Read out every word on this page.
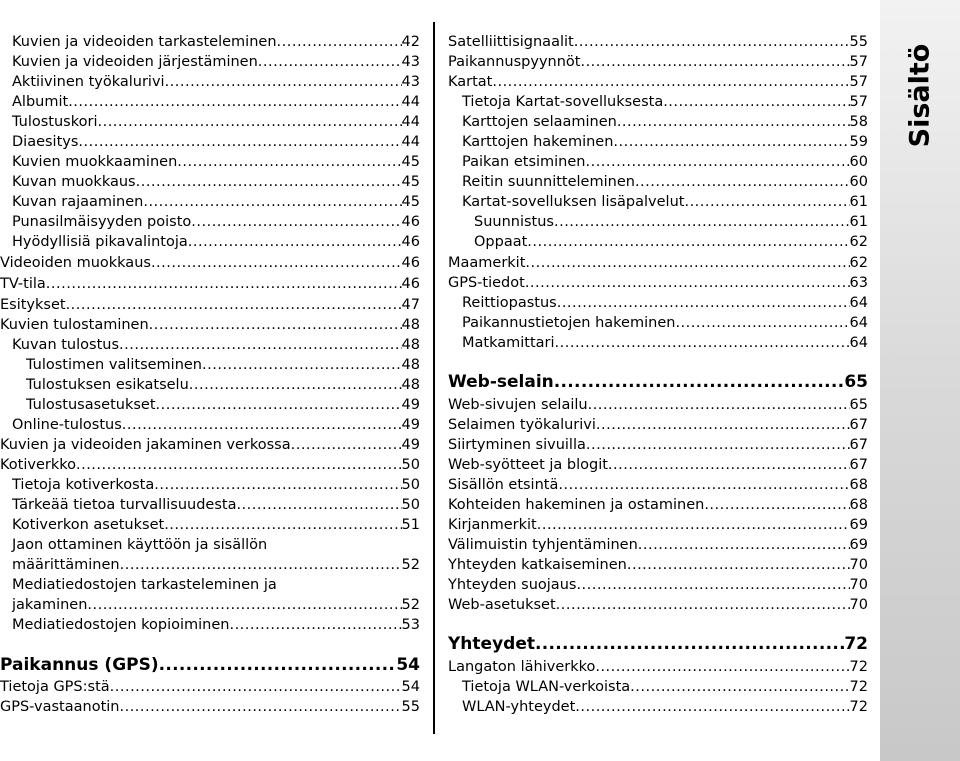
Kuvien ja videoiden tarkasteleminen .....	42
Kuvien ja videoiden järjestäminen .....	43
Aktiivinen työkalurivi .....	43
Albumit .....	44
Tulostuskori .....	44
Diaesitys .....	44
Kuvien muokkaaminen .....	45
Kuvan muokkaus .....	45
Kuvan rajaaminen .....	45
Punasilmäisyyden poisto .....	46
Hyödyllisiä pikavalintoja .....	46
Videoiden muokkaus .....	46
TV-tila .....	46
Esitykset .....	47
Kuvien tulostaminen .....	48
Kuvan tulostus .....	48
Tulostimen valitseminen .....	48
Tulostuksen esikatselu .....	48
Tulostusasetukset .....	49
Online-tulostus .....	49
Kuvien ja videoiden jakaminen verkossa .....	49
Kotiverkko .....	50
Tietoja kotiverkosta .....	50
Tärkeää tietoa turvallisuudesta .....	50
Kotiverkon asetukset .....	51
Jaon ottaminen käyttöön ja sisällön
määrittäminen .....	52
Mediatiedostojen tarkasteleminen ja
jakaminen .....	52
Mediatiedostojen kopioiminen .....	53
Paikannus (GPS) .....	54
Tietoja GPS:stä .....	54
GPS-vastaanotin .....	55
Satelliittisignaalit .....	55
Paikannuspyynnöt .....	57
Kartat .....	57
Tietoja Kartat-sovelluksesta .....	57
Karttojen selaaminen .....	58
Karttojen hakeminen .....	59
Paikan etsiminen .....	60
Reitin suunnitteleminen .....	60
Kartat-sovelluksen lisäpalvelut .....	61
Suunnistus .....	61
Oppaat .....	62
Maamerkit .....	62
GPS-tiedot .....	63
Reittiopastus .....	64
Paikannustietojen hakeminen .....	64
Matkamittari .....	64
Web-selain .....	65
Web-sivujen selailu .....	65
Selaimen työkalurivi .....	67
Siirtyminen sivuilla .....	67
Web-syötteet ja blogit .....	67
Sisällön etsintä .....	68
Kohteiden hakeminen ja ostaminen .....	68
Kirjanmerkit .....	69
Välimuistin tyhjentäminen .....	69
Yhteyden katkaiseminen .....	70
Yhteyden suojaus .....	70
Web-asetukset .....	70
Yhteydet .....	72
Langaton lähiverkko .....	72
Tietoja WLAN-verkoista .....	72
WLAN-yhteydet .....	72
Sisältö
